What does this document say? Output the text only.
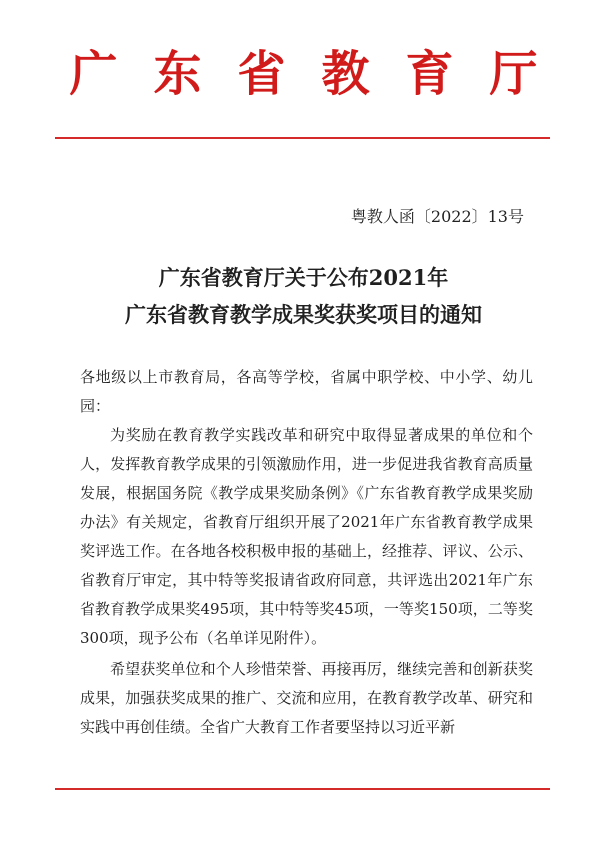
广 东 省 教 育 厅
粤教人函〔2022〕13号
广东省教育厅关于公布2021年
广东省教育教学成果奖获奖项目的通知

各地级以上市教育局，各高等学校，省属中职学校、中小学、幼儿园：

为奖励在教育教学实践改革和研究中取得显著成果的单位和个人，发挥教育教学成果的引领激励作用，进一步促进我省教育高质量发展，根据国务院《教学成果奖励条例》《广东省教育教学成果奖励办法》有关规定，省教育厅组织开展了2021年广东省教育教学成果奖评选工作。在各地各校积极申报的基础上，经推荐、评议、公示、省教育厅审定，其中特等奖报请省政府同意，共评选出2021年广东省教育教学成果奖495项，其中特等奖45项，一等奖150项，二等奖300项，现予公布（名单详见附件）。

希望获奖单位和个人珍惜荣誉、再接再厉，继续完善和创新获奖成果，加强获奖成果的推广、交流和应用，在教育教学改革、研究和实践中再创佳绩。全省广大教育工作者要坚持以习近平新
